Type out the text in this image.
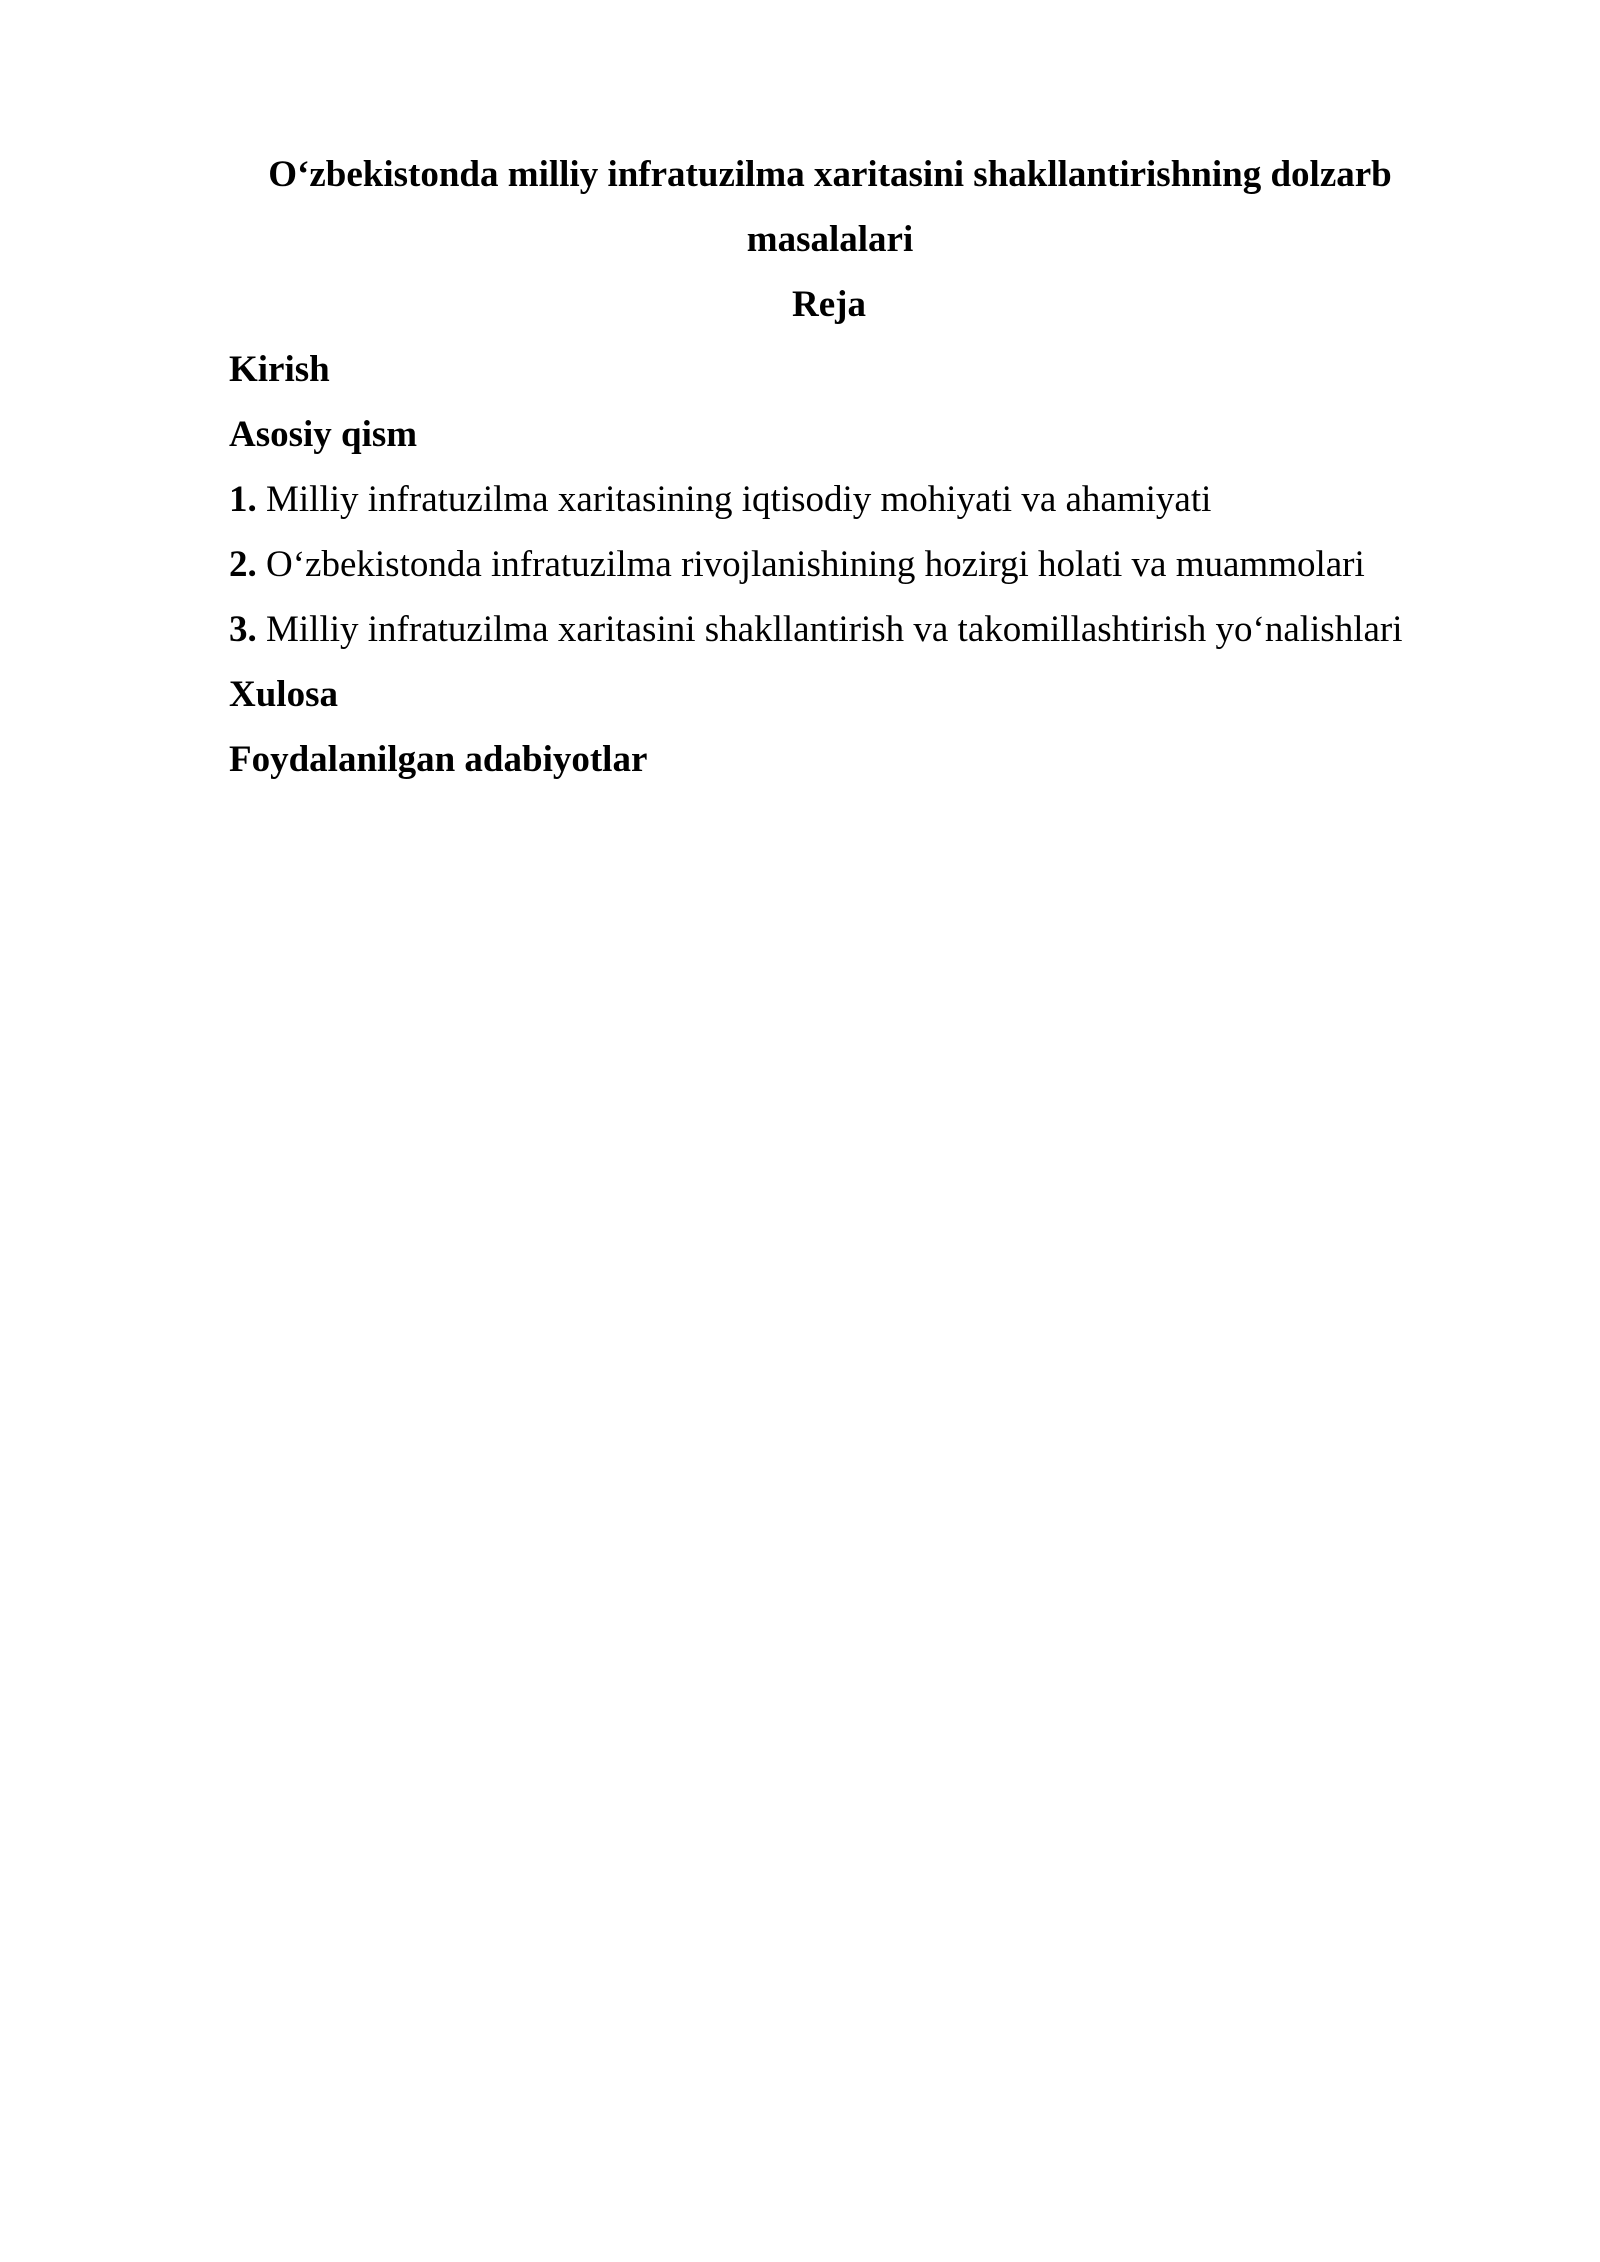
O‘zbekistonda milliy infratuzilma xaritasini shakllantirishning dolzarb masalalari

Reja

Kirish

Asosiy qism

1. Milliy infratuzilma xaritasining iqtisodiy mohiyati va ahamiyati

2. O‘zbekistonda infratuzilma rivojlanishining hozirgi holati va muammolari

3. Milliy infratuzilma xaritasini shakllantirish va takomillashtirish yo‘nalishlari

Xulosa

Foydalanilgan adabiyotlar
